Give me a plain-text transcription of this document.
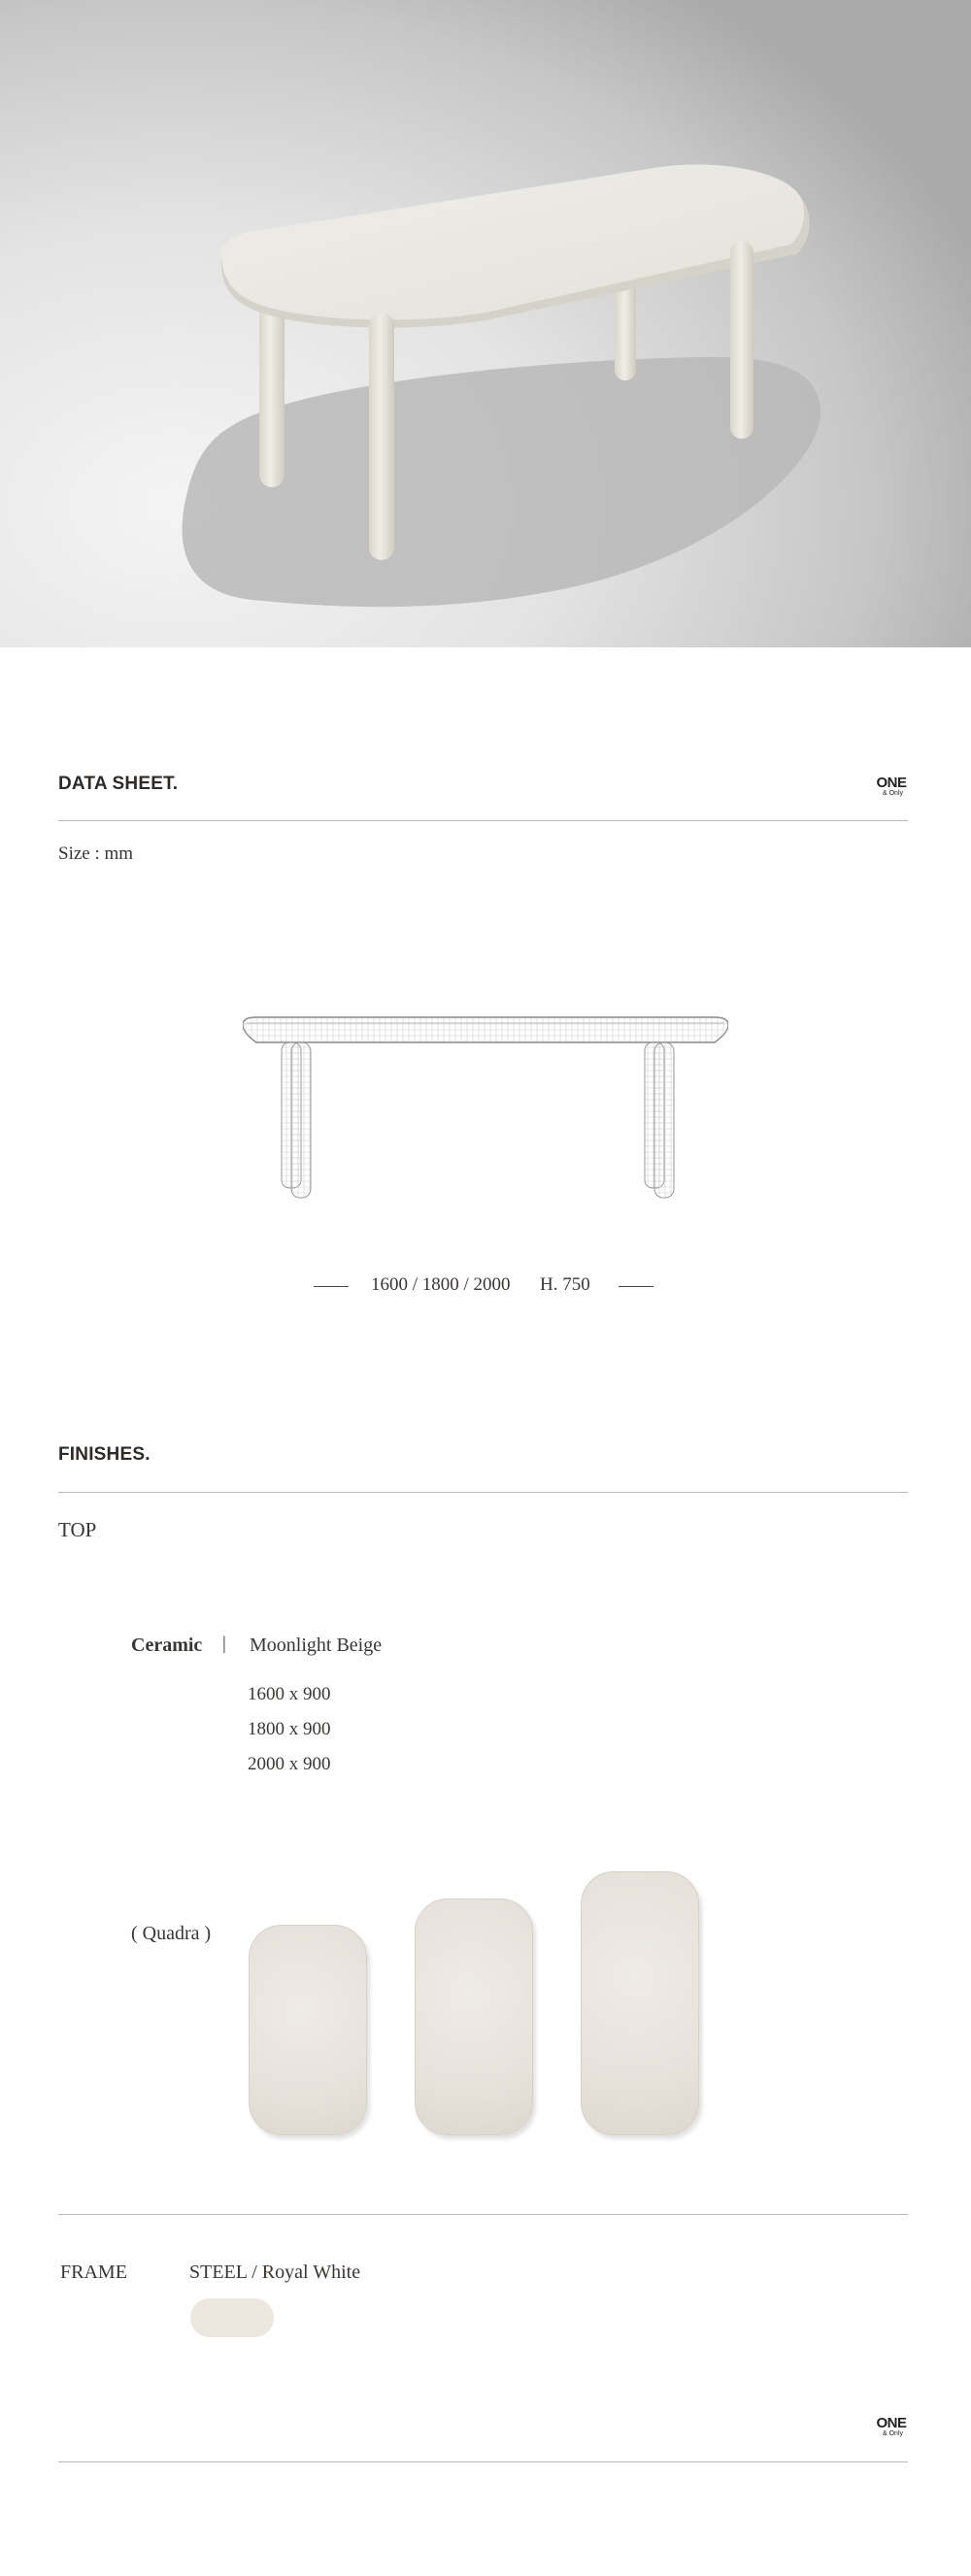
DATA SHEET.	ONE
& Only
Size : mm
1600 / 1800 / 2000 H. 750
FINISHES.
TOP
Ceramic | Moonlight Beige
1600 x 900
1800 x 900
2000 x 900
( Quadra )
FRAME	STEEL / Royal White
ONE
& Only
